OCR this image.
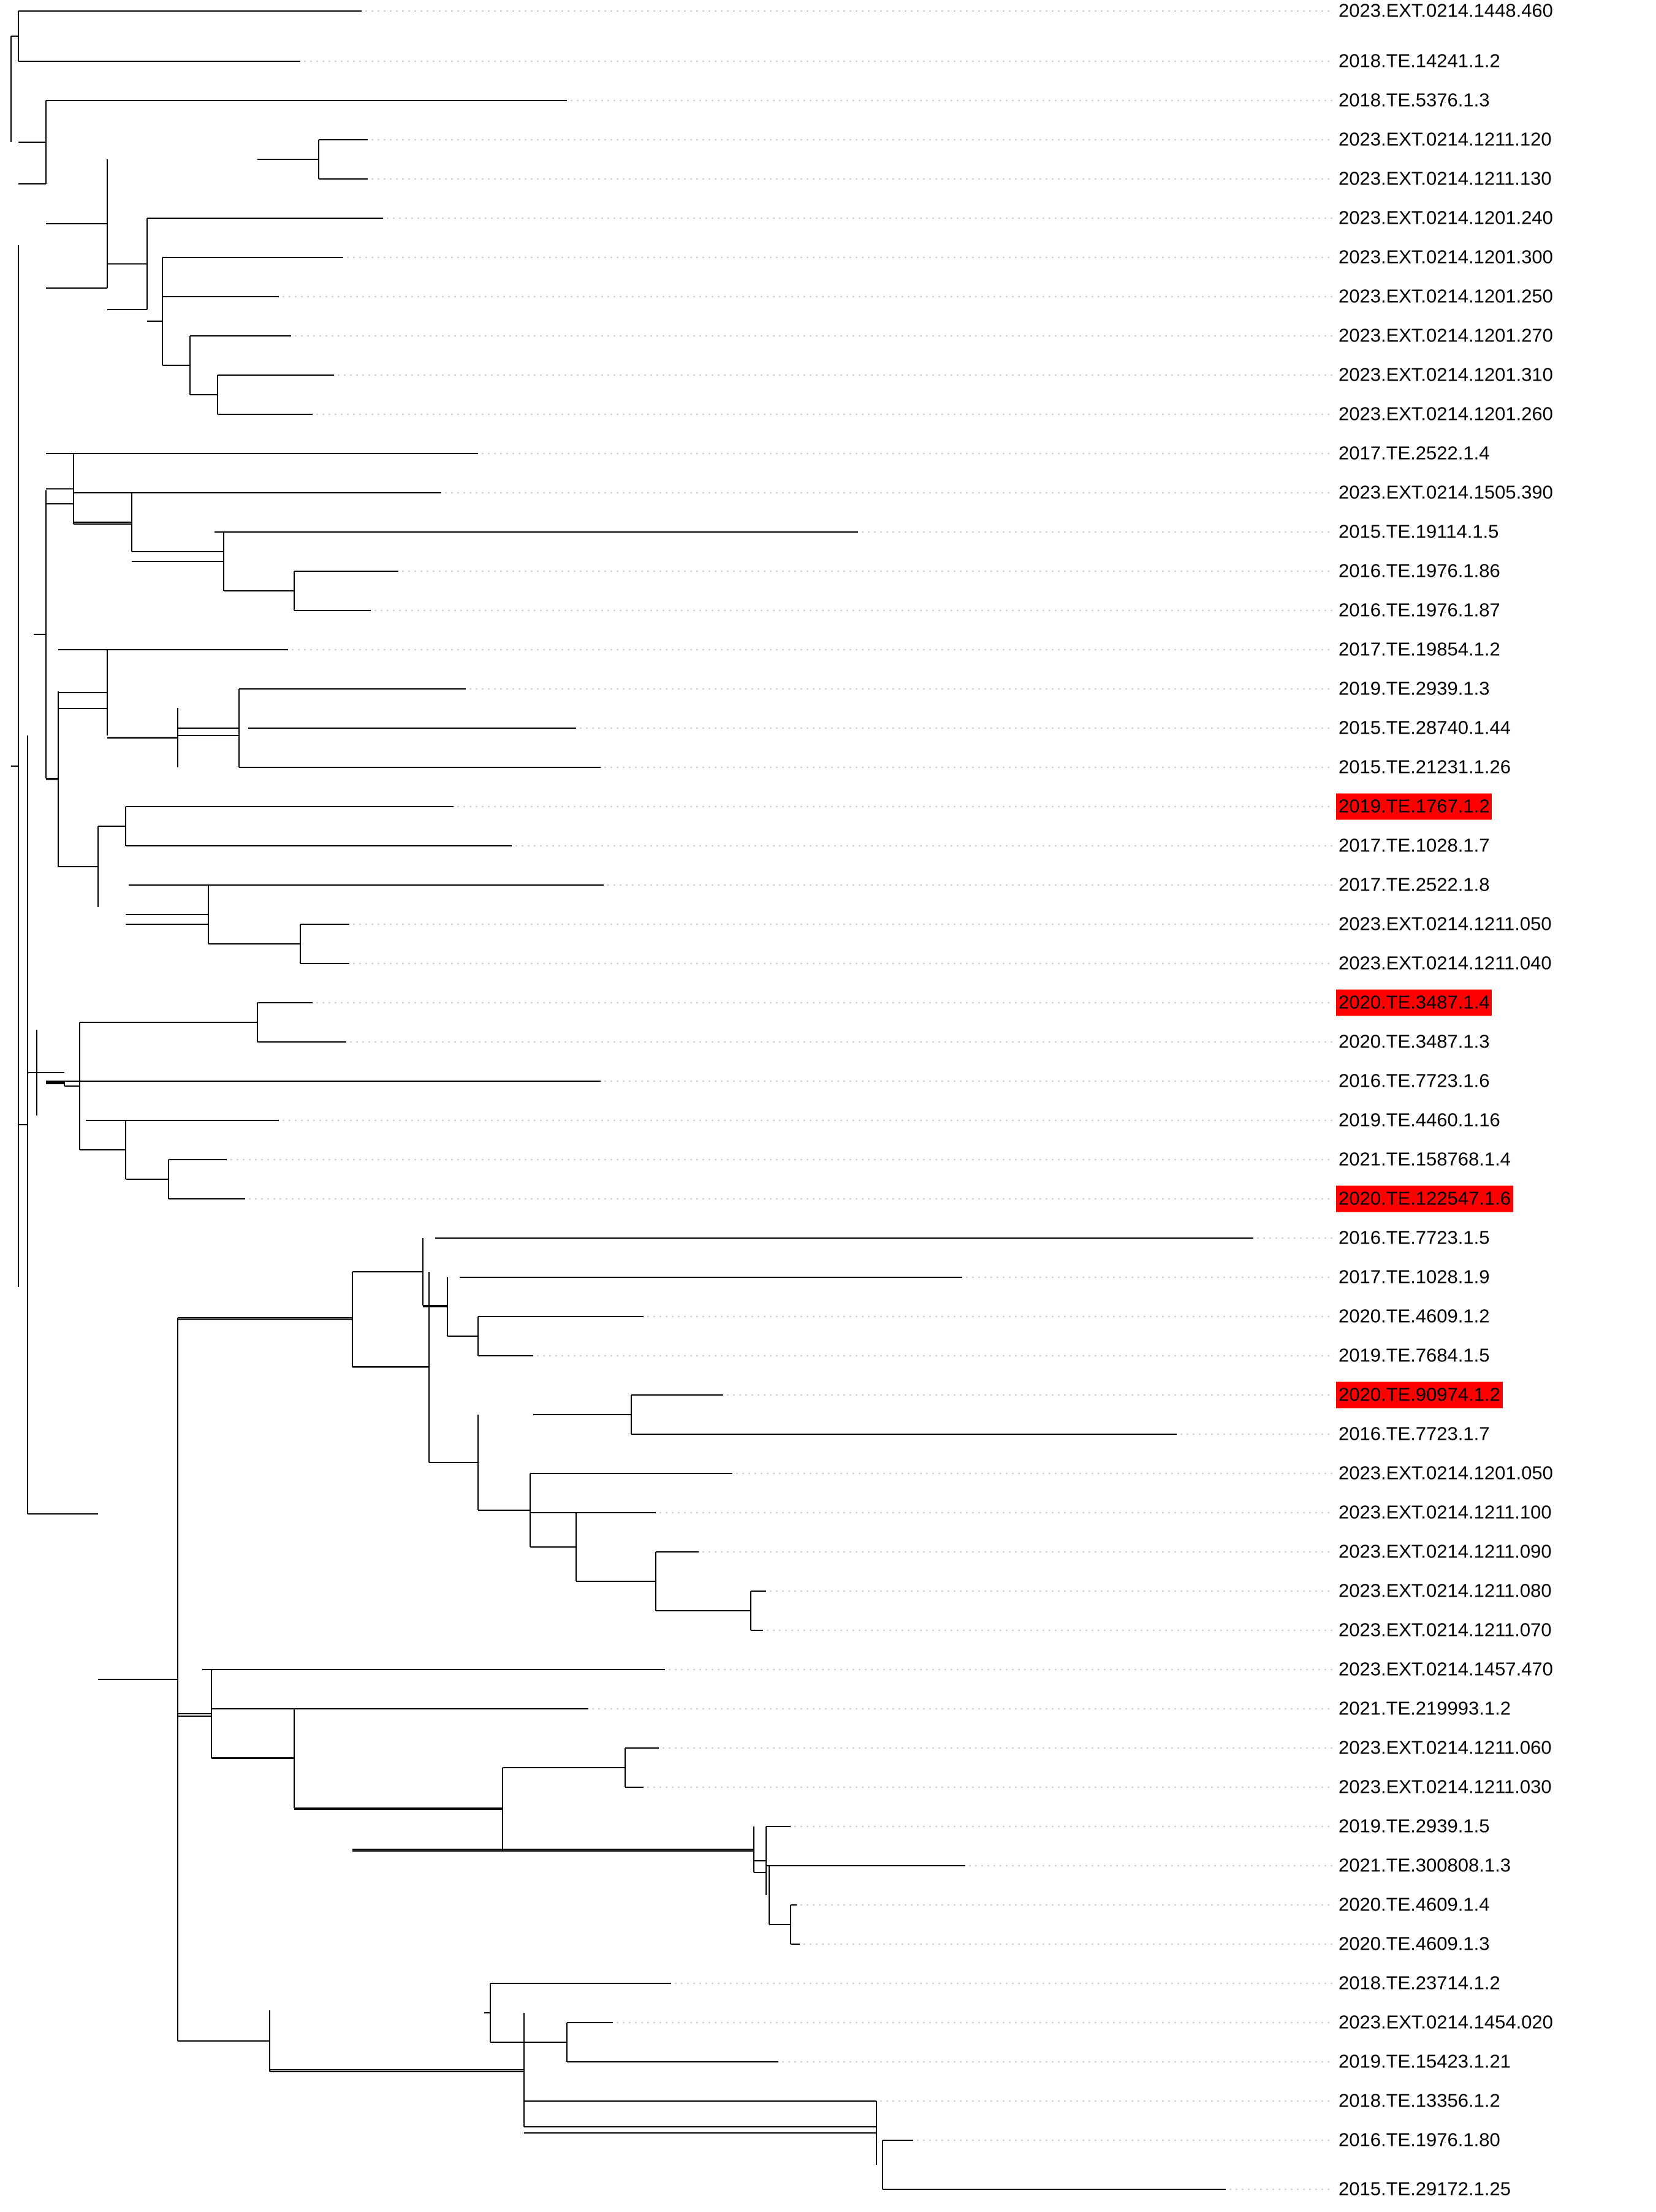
2023.EXT.0214.1448.460
2018.TE.14241.1.2
2018.TE.5376.1.3
2023.EXT.0214.1211.120
2023.EXT.0214.1211.130
2023.EXT.0214.1201.240
2023.EXT.0214.1201.300
2023.EXT.0214.1201.250
2023.EXT.0214.1201.270
2023.EXT.0214.1201.310
2023.EXT.0214.1201.260
2017.TE.2522.1.4
2023.EXT.0214.1505.390
2015.TE.19114.1.5
2016.TE.1976.1.86
2016.TE.1976.1.87
2017.TE.19854.1.2
2019.TE.2939.1.3
2015.TE.28740.1.44
2015.TE.21231.1.26
2019.TE.1767.1.2
2017.TE.1028.1.7
2017.TE.2522.1.8
2023.EXT.0214.1211.050
2023.EXT.0214.1211.040
2020.TE.3487.1.4
2020.TE.3487.1.3
2016.TE.7723.1.6
2019.TE.4460.1.16
2021.TE.158768.1.4
2020.TE.122547.1.6
2016.TE.7723.1.5
2017.TE.1028.1.9
2020.TE.4609.1.2
2019.TE.7684.1.5
2020.TE.90974.1.2
2016.TE.7723.1.7
2023.EXT.0214.1201.050
2023.EXT.0214.1211.100
2023.EXT.0214.1211.090
2023.EXT.0214.1211.080
2023.EXT.0214.1211.070
2023.EXT.0214.1457.470
2021.TE.219993.1.2
2023.EXT.0214.1211.060
2023.EXT.0214.1211.030
2019.TE.2939.1.5
2021.TE.300808.1.3
2020.TE.4609.1.4
2020.TE.4609.1.3
2018.TE.23714.1.2
2023.EXT.0214.1454.020
2019.TE.15423.1.21
2018.TE.13356.1.2
2016.TE.1976.1.80
2015.TE.29172.1.25
